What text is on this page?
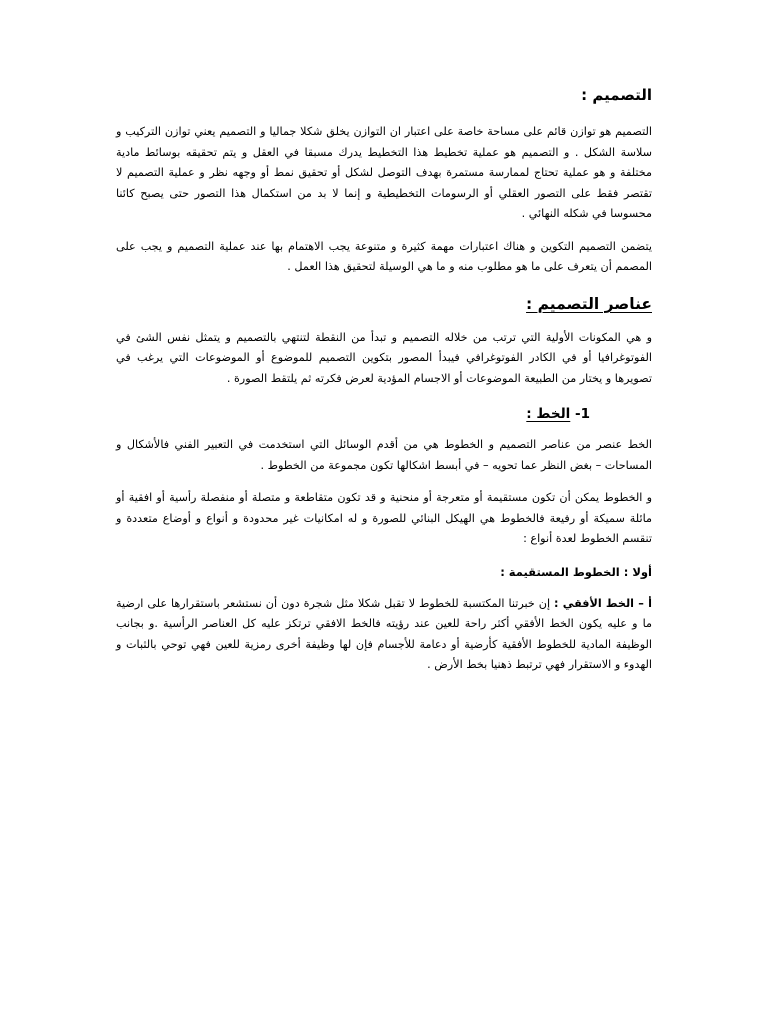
التصميم :

التصميم هو توازن قائم على مساحة خاصة على اعتبار ان التوازن يخلق شكلا جماليا و التصميم يعني توازن التركيب و سلاسة الشكل . و التصميم هو عملية تخطيط هذا التخطيط يدرك مسبقا في العقل و يتم تحقيقه بوسائط مادية مختلفة و هو عملية تحتاج لممارسة مستمرة بهدف التوصل لشكل أو تحقيق نمط أو وجهه نظر و عملية التصميم لا تقتصر فقط على التصور العقلي أو الرسومات التخطيطية و إنما لا بد من استكمال هذا التصور حتى يصبح كائنا محسوسا في شكله النهائي .

يتضمن التصميم التكوين و هناك اعتبارات مهمة كثيرة و متنوعة يجب الاهتمام بها عند عملية التصميم و يجب على المصمم أن يتعرف على ما هو مطلوب منه و ما هي الوسيلة لتحقيق هذا العمل .

عناصر التصميم :

و هي المكونات الأولية التي ترتب من خلاله التصميم و تبدأ من النقطة لتنتهي بالتصميم و يتمثل نفس الشئ في الفوتوغرافيا أو في الكادر الفوتوغرافي فيبدأ المصور بتكوين التصميم للموضوع أو الموضوعات التي يرغب في تصويرها و يختار من الطبيعة الموضوعات أو الاجسام المؤدية لعرض فكرته ثم يلتقط الصورة .

1- الخط :

الخط عنصر من عناصر التصميم و الخطوط هي من أقدم الوسائل التي استخدمت في التعبير الفني فالأشكال و المساحات – بغض النظر عما تحويه – في أبسط اشكالها تكون مجموعة من الخطوط .

و الخطوط يمكن أن تكون مستقيمة أو متعرجة أو منحنية و قد تكون متقاطعة و متصلة أو منفصلة رأسية أو افقية أو مائلة سميكة أو رفيعة فالخطوط هي الهيكل البنائي للصورة و له امكانيات غير محدودة و أنواع و أوضاع متعددة و تنقسم الخطوط لعدة أنواع :

أولا : الخطوط المستقيمة :

أ – الخط الأفقي : إن خبرتنا المكتسبة للخطوط لا تقبل شكلا مثل شجرة دون أن نستشعر باستقرارها على ارضية ما و عليه يكون الخط الأفقي أكثر راحة للعين عند رؤيته فالخط الافقي ترتكز عليه كل العناصر الرأسية .و بجانب الوظيفة المادية للخطوط الأفقية كأرضية أو دعامة للأجسام فإن لها وظيفة أخرى رمزية للعين فهي توحي بالثبات و الهدوء و الاستقرار فهي ترتبط ذهنيا بخط الأرض .
